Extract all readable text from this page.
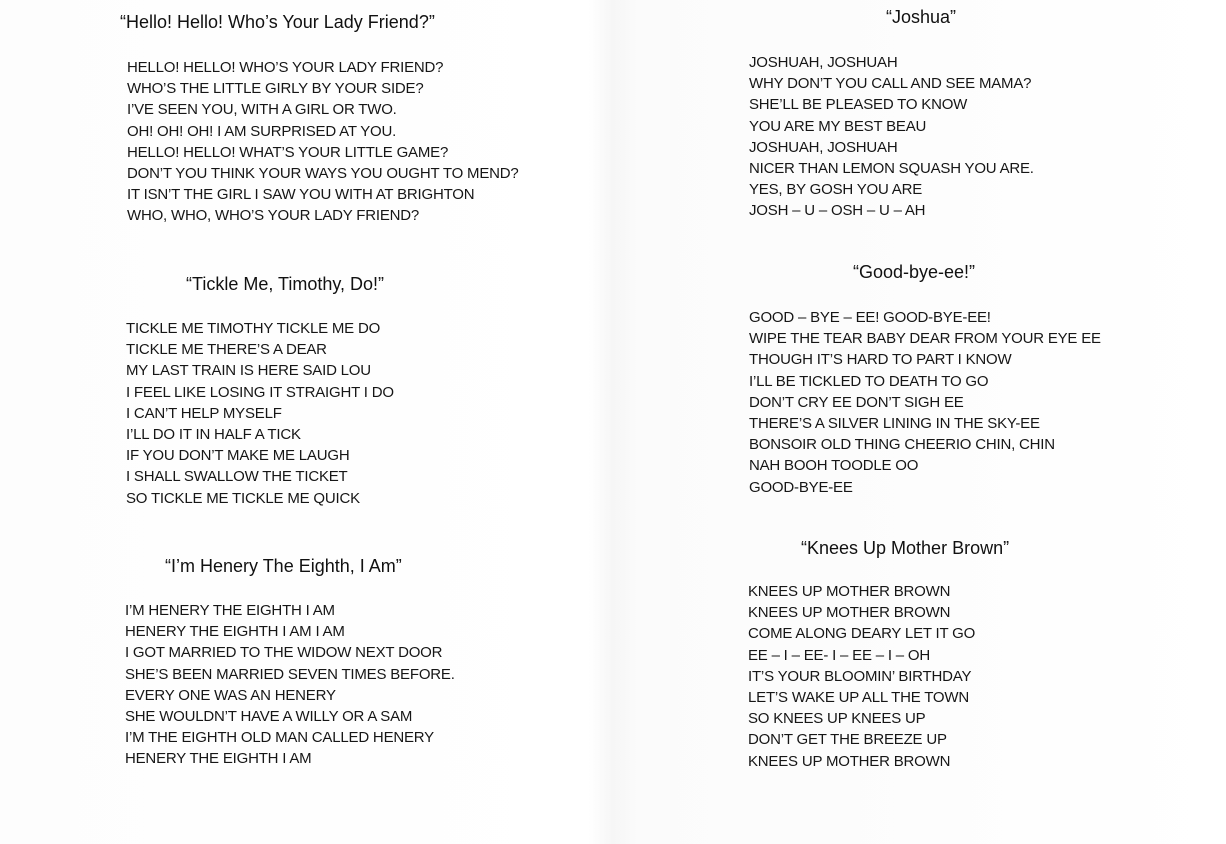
“Hello! Hello! Who’s Your Lady Friend?”
HELLO! HELLO! WHO’S YOUR LADY FRIEND?
WHO’S THE LITTLE GIRLY BY YOUR SIDE?
I’VE SEEN YOU, WITH A GIRL OR TWO.
OH! OH! OH! I AM SURPRISED AT YOU.
HELLO! HELLO! WHAT’S YOUR LITTLE GAME?
DON’T YOU THINK YOUR WAYS YOU OUGHT TO MEND?
IT ISN’T THE GIRL I SAW YOU WITH AT BRIGHTON
WHO, WHO, WHO’S YOUR LADY FRIEND?
“Tickle Me, Timothy, Do!”
TICKLE ME TIMOTHY TICKLE ME DO
TICKLE ME THERE’S A DEAR
MY LAST TRAIN IS HERE SAID LOU
I FEEL LIKE LOSING IT STRAIGHT I DO
I CAN’T HELP MYSELF
I’LL DO IT IN HALF A TICK
IF YOU DON’T MAKE ME LAUGH
I SHALL SWALLOW THE TICKET
SO TICKLE ME TICKLE ME QUICK
“I’m Henery The Eighth, I Am”
I’M HENERY THE EIGHTH I AM
HENERY THE EIGHTH I AM I AM
I GOT MARRIED TO THE WIDOW NEXT DOOR
SHE’S BEEN MARRIED SEVEN TIMES BEFORE.
EVERY ONE WAS AN HENERY
SHE WOULDN’T HAVE A WILLY OR A SAM
I’M THE EIGHTH OLD MAN CALLED HENERY
HENERY THE EIGHTH I AM
“Joshua”
JOSHUAH, JOSHUAH
WHY DON’T YOU CALL AND SEE MAMA?
SHE’LL BE PLEASED TO KNOW
YOU ARE MY BEST BEAU
JOSHUAH, JOSHUAH
NICER THAN LEMON SQUASH YOU ARE.
YES, BY GOSH YOU ARE
JOSH – U – OSH – U – AH
“Good-bye-ee!”
GOOD – BYE – EE! GOOD-BYE-EE!
WIPE THE TEAR BABY DEAR FROM YOUR EYE EE
THOUGH IT’S HARD TO PART I KNOW
I’LL BE TICKLED TO DEATH TO GO
DON’T CRY EE DON’T SIGH EE
THERE’S A SILVER LINING IN THE SKY-EE
BONSOIR OLD THING CHEERIO CHIN, CHIN
NAH BOOH TOODLE OO
GOOD-BYE-EE
“Knees Up Mother Brown”
KNEES UP MOTHER BROWN
KNEES UP MOTHER BROWN
COME ALONG DEARY LET IT GO
EE – I – EE- I – EE – I – OH
IT’S YOUR BLOOMIN’ BIRTHDAY
LET’S WAKE UP ALL THE TOWN
SO KNEES UP KNEES UP
DON’T GET THE BREEZE UP
KNEES UP MOTHER BROWN
